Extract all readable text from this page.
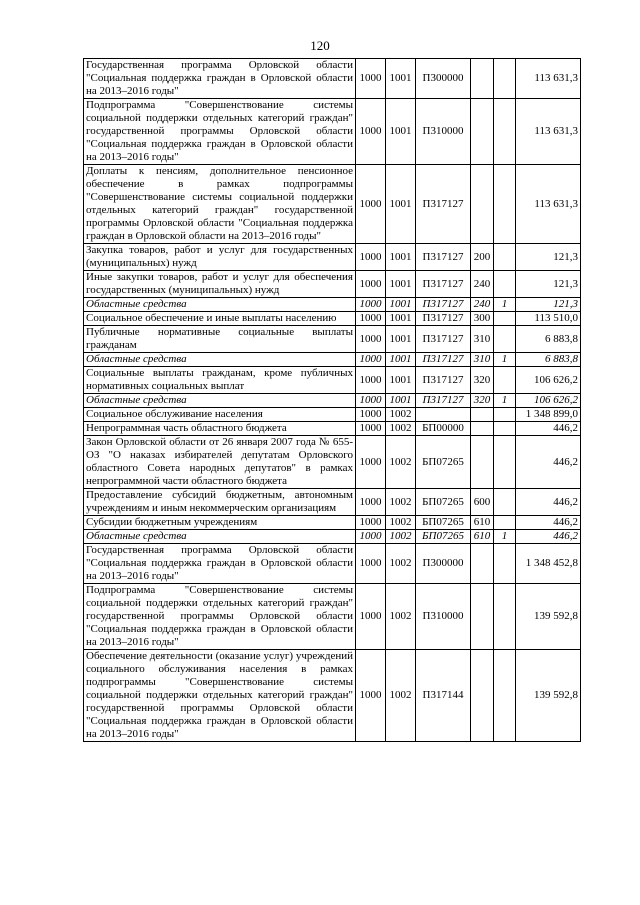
120
Государственная программа Орловской области "Социальная поддержка граждан в Орловской области на 2013–2016 годы"	1000	1001	П300000			113 631,3
Подпрограмма "Совершенствование системы социальной поддержки отдельных категорий граждан" государственной программы Орловской области "Социальная поддержка граждан в Орловской области на 2013–2016 годы"	1000	1001	П310000			113 631,3
Доплаты к пенсиям, дополнительное пенсионное обеспечение в рамках подпрограммы "Совершенствование системы социальной поддержки отдельных категорий граждан" государственной программы Орловской области "Социальная поддержка граждан в Орловской области на 2013–2016 годы"	1000	1001	П317127			113 631,3
Закупка товаров, работ и услуг для государственных (муниципальных) нужд	1000	1001	П317127	200		121,3
Иные закупки товаров, работ и услуг для обеспечения государственных (муниципальных) нужд	1000	1001	П317127	240		121,3
Областные средства	1000	1001	П317127	240	1	121,3
Социальное обеспечение и иные выплаты населению	1000	1001	П317127	300		113 510,0
Публичные нормативные социальные выплаты гражданам	1000	1001	П317127	310		6 883,8
Областные средства	1000	1001	П317127	310	1	6 883,8
Социальные выплаты гражданам, кроме публичных нормативных социальных выплат	1000	1001	П317127	320		106 626,2
Областные средства	1000	1001	П317127	320	1	106 626,2
Социальное обслуживание населения	1000	1002				1 348 899,0
Непрограммная часть областного бюджета	1000	1002	БП00000			446,2
Закон Орловской области от 26 января 2007 года № 655-ОЗ "О наказах избирателей депутатам Орловского областного Совета народных депутатов" в рамках непрограммной части областного бюджета	1000	1002	БП07265			446,2
Предоставление субсидий бюджетным, автономным учреждениям и иным некоммерческим организациям	1000	1002	БП07265	600		446,2
Субсидии бюджетным учреждениям	1000	1002	БП07265	610		446,2
Областные средства	1000	1002	БП07265	610	1	446,2
Государственная программа Орловской области "Социальная поддержка граждан в Орловской области на 2013–2016 годы"	1000	1002	П300000			1 348 452,8
Подпрограмма "Совершенствование системы социальной поддержки отдельных категорий граждан" государственной программы Орловской области "Социальная поддержка граждан в Орловской области на 2013–2016 годы"	1000	1002	П310000			139 592,8
Обеспечение деятельности (оказание услуг) учреждений социального обслуживания населения в рамках подпрограммы "Совершенствование системы социальной поддержки отдельных категорий граждан" государственной программы Орловской области "Социальная поддержка граждан в Орловской области на 2013–2016 годы"	1000	1002	П317144			139 592,8
